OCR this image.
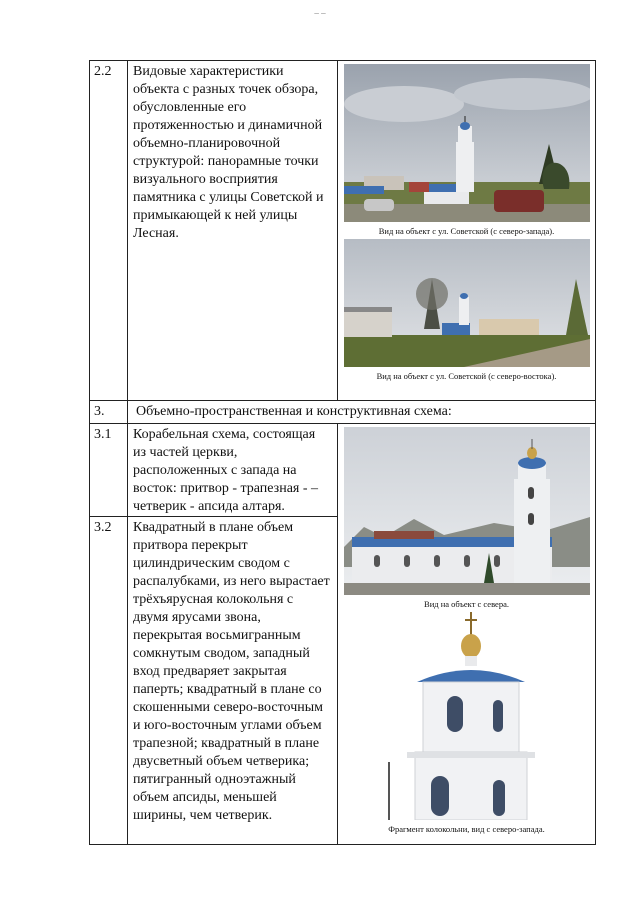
– –
2.2	Видовые характеристики объекта с разных точек обзора, обусловленные его протяженностью и динамичной объемно-планировочной структурой: панорамные точки визуального восприятия памятника с улицы Советской и примыкающей к ней улицы Лесная.	Вид на объект с ул. Советской (с северо-запада).
Вид на объект с ул. Советской (с северо-востока).

3.	Объемно-пространственная и конструктивная схема:	

3.1	Корабельная схема, состоящая из частей церкви, расположенных с запада на восток: притвор - трапезная - – четверик - апсида алтаря.	Вид на объект с севера.
Фрагмент колокольни, вид с северо-запада.

3.2	Квадратный в плане объем притвора перекрыт цилиндрическим сводом с распалубками, из него вырастает трёхъярусная колокольня с двумя ярусами звона, перекрытая восьмигранным сомкнутым сводом, западный вход предваряет закрытая паперть; квадратный в плане со скошенными северо-восточным и юго-восточным углами объем трапезной; квадратный в плане двусветный объем четверика; пятигранный одноэтажный объем апсиды, меньшей ширины, чем четверик.	
